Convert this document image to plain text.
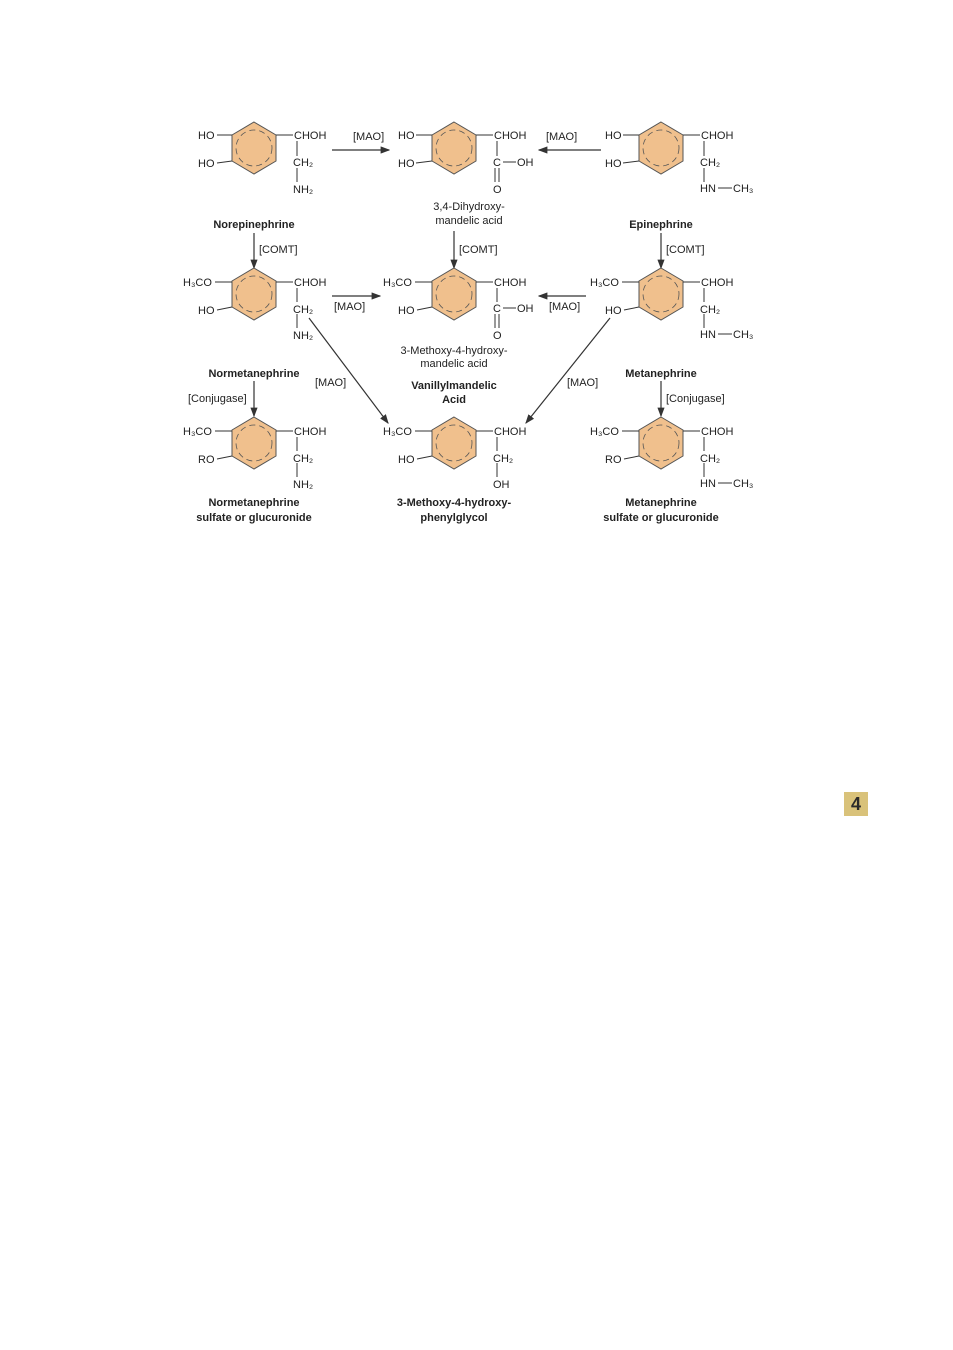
HO
HO
CHOH
CH₂
NH₂
Norepinephrine
HO
HO
CHOH
C OH
O
3,4-Dihydroxy-
mandelic acid
HO
HO
CHOH
CH₂
HN CH₃
Epinephrine
[MAO]	[MAO]
[COMT]	[COMT]	[COMT]
H₃CO
HO
CHOH
CH₂
NH₂
Normetanephrine
H₃CO
HO
CHOH
C OH
O
3-Methoxy-4-hydroxy-
mandelic acid
Vanillylmandelic
Acid
H₃CO
HO
CHOH
CH₂
HN CH₃
Metanephrine
[MAO]	[MAO]
[MAO]	[MAO]
[Conjugase]	[Conjugase]
H₃CO
RO
CHOH
CH₂
NH₂
Normetanephrine
sulfate or glucuronide
H₃CO
HO
CHOH
CH₂
OH
3-Methoxy-4-hydroxy-
phenylglycol
H₃CO
RO
CHOH
CH₂
HN CH₃
Metanephrine
sulfate or glucuronide
4
